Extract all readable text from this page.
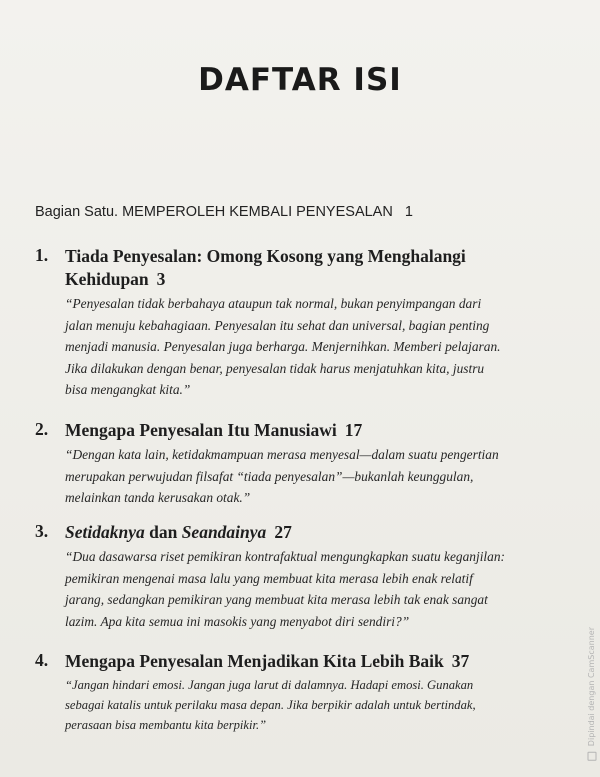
DAFTAR ISI
Bagian Satu. MEMPEROLEH KEMBALI PENYESALAN 1
1. Tiada Penyesalan: Omong Kosong yang Menghalangi
Kehidupan 3
“Penyesalan tidak berbahaya ataupun tak normal, bukan penyimpangan dari
jalan menuju kebahagiaan. Penyesalan itu sehat dan universal, bagian penting
menjadi manusia. Penyesalan juga berharga. Menjernihkan. Memberi pelajaran.
Jika dilakukan dengan benar, penyesalan tidak harus menjatuhkan kita, justru
bisa mengangkat kita.”
2. Mengapa Penyesalan Itu Manusiawi 17
“Dengan kata lain, ketidakmampuan merasa menyesal—dalam suatu pengertian
merupakan perwujudan filsafat “tiada penyesalan”—bukanlah keunggulan,
melainkan tanda kerusakan otak.”
3. Setidaknya dan Seandainya 27
“Dua dasawarsa riset pemikiran kontrafaktual mengungkapkan suatu keganjilan:
pemikiran mengenai masa lalu yang membuat kita merasa lebih enak relatif
jarang, sedangkan pemikiran yang membuat kita merasa lebih tak enak sangat
lazim. Apa kita semua ini masokis yang menyabot diri sendiri?”
4. Mengapa Penyesalan Menjadikan Kita Lebih Baik 37
“Jangan hindari emosi. Jangan juga larut di dalamnya. Hadapi emosi. Gunakan
sebagai katalis untuk perilaku masa depan. Jika berpikir adalah untuk bertindak,
perasaan bisa membantu kita berpikir.”	Dipindai dengan CamScanner
